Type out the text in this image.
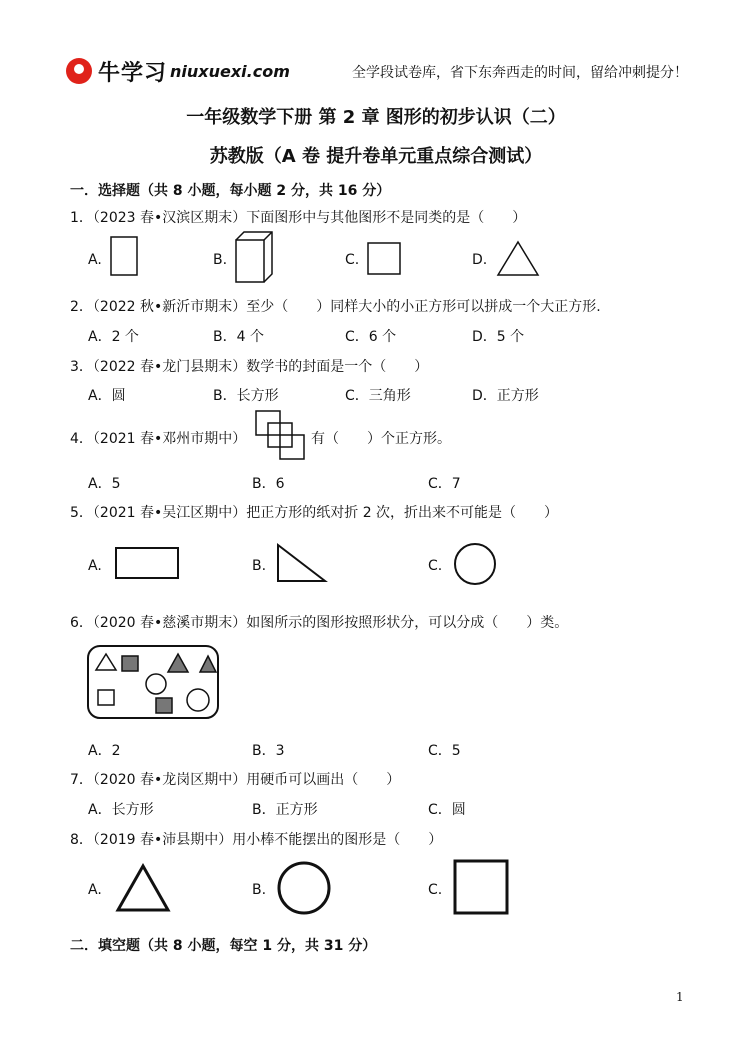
牛学习 niuxuexi.com	全学段试卷库，省下东奔西走的时间，留给冲刺提分！
一年级数学下册 第 2 章 图形的初步认识（二）
苏教版（A 卷 提升卷单元重点综合测试）
一．选择题（共 8 小题，每小题 2 分，共 16 分）
1．（2023 春•汉滨区期末）下面图形中与其他图形不是同类的是（　　）
A.	B.	C.	D.
2．（2022 秋•新沂市期末）至少（　　）同样大小的小正方形可以拼成一个大正方形.
A．2 个	B．4 个	C．6 个	D．5 个
3．（2022 春•龙门县期末）数学书的封面是一个（　　）
A．圆	B．长方形	C．三角形	D．正方形
4．（2021 春•邓州市期中）	有（　　）个正方形。
A．5	B．6	C．7
5．（2021 春•吴江区期中）把正方形的纸对折 2 次，折出来不可能是（　　）
A.	B.	C.
6．（2020 春•慈溪市期末）如图所示的图形按照形状分，可以分成（　　）类。
A．2	B．3	C．5
7．（2020 春•龙岗区期中）用硬币可以画出（　　）
A．长方形	B．正方形	C．圆
8．（2019 春•沛县期中）用小棒不能摆出的图形是（　　）
A.	B.	C.
二．填空题（共 8 小题，每空 1 分，共 31 分）
1
